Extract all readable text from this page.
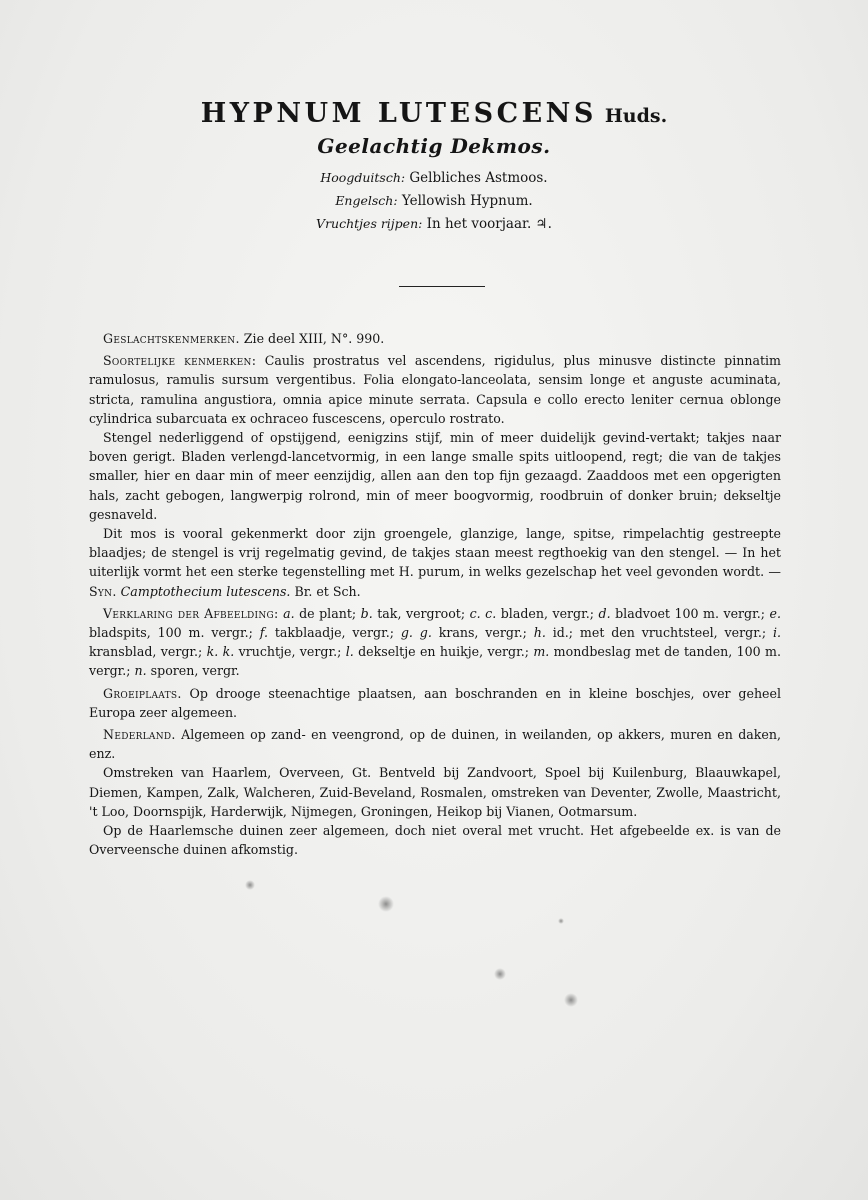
HYPNUM LUTESCENS Huds.
Geelachtig Dekmos.
Hoogduitsch: Gelbliches Astmoos.
Engelsch: Yellowish Hypnum.
Vruchtjes rijpen: In het voorjaar. ♃.

Geslachtskenmerken. Zie deel XIII, N°. 990.

Soortelijke kenmerken: Caulis prostratus vel ascendens, rigidulus, plus minusve distincte pinnatim ramulosus, ramulis sursum vergentibus. Folia elongato-lanceolata, sensim longe et anguste acuminata, stricta, ramulina angustiora, omnia apice minute serrata. Capsula e collo erecto leniter cernua oblonge cylindrica subarcuata ex ochraceo fuscescens, operculo rostrato.

Stengel nederliggend of opstijgend, eenigzins stijf, min of meer duidelijk gevind-vertakt; takjes naar boven gerigt. Bladen verlengd-lancetvormig, in een lange smalle spits uitloopend, regt; die van de takjes smaller, hier en daar min of meer eenzijdig, allen aan den top fijn gezaagd. Zaaddoos met een opgerigten hals, zacht gebogen, langwerpig rolrond, min of meer boogvormig, roodbruin of donker bruin; dekseltje gesnaveld.

Dit mos is vooral gekenmerkt door zijn groengele, glanzige, lange, spitse, rimpelachtig gestreepte blaadjes; de stengel is vrij regelmatig gevind, de takjes staan meest regthoekig van den stengel. — In het uiterlijk vormt het een sterke tegenstelling met H. purum, in welks gezelschap het veel gevonden wordt. — Syn. Camptothecium lutescens. Br. et Sch.

Verklaring der Afbeelding: a. de plant; b. tak, vergroot; c. c. bladen, vergr.; d. bladvoet 100 m. vergr.; e. bladspits, 100 m. vergr.; f. takblaadje, vergr.; g. g. krans, vergr.; h. id.; met den vruchtsteel, vergr.; i. kransblad, vergr.; k. k. vruchtje, vergr.; l. dekseltje en huikje, vergr.; m. mondbeslag met de tanden, 100 m. vergr.; n. sporen, vergr.

Groeiplaats. Op drooge steenachtige plaatsen, aan boschranden en in kleine boschjes, over geheel Europa zeer algemeen.

Nederland. Algemeen op zand- en veengrond, op de duinen, in weilanden, op akkers, muren en daken, enz.

Omstreken van Haarlem, Overveen, Gt. Bentveld bij Zandvoort, Spoel bij Kuilenburg, Blaauwkapel, Diemen, Kampen, Zalk, Walcheren, Zuid-Beveland, Rosmalen, omstreken van Deventer, Zwolle, Maastricht, 't Loo, Doornspijk, Harderwijk, Nijmegen, Groningen, Heikop bij Vianen, Ootmarsum.

Op de Haarlemsche duinen zeer algemeen, doch niet overal met vrucht. Het afgebeelde ex. is van de Overveensche duinen afkomstig.
